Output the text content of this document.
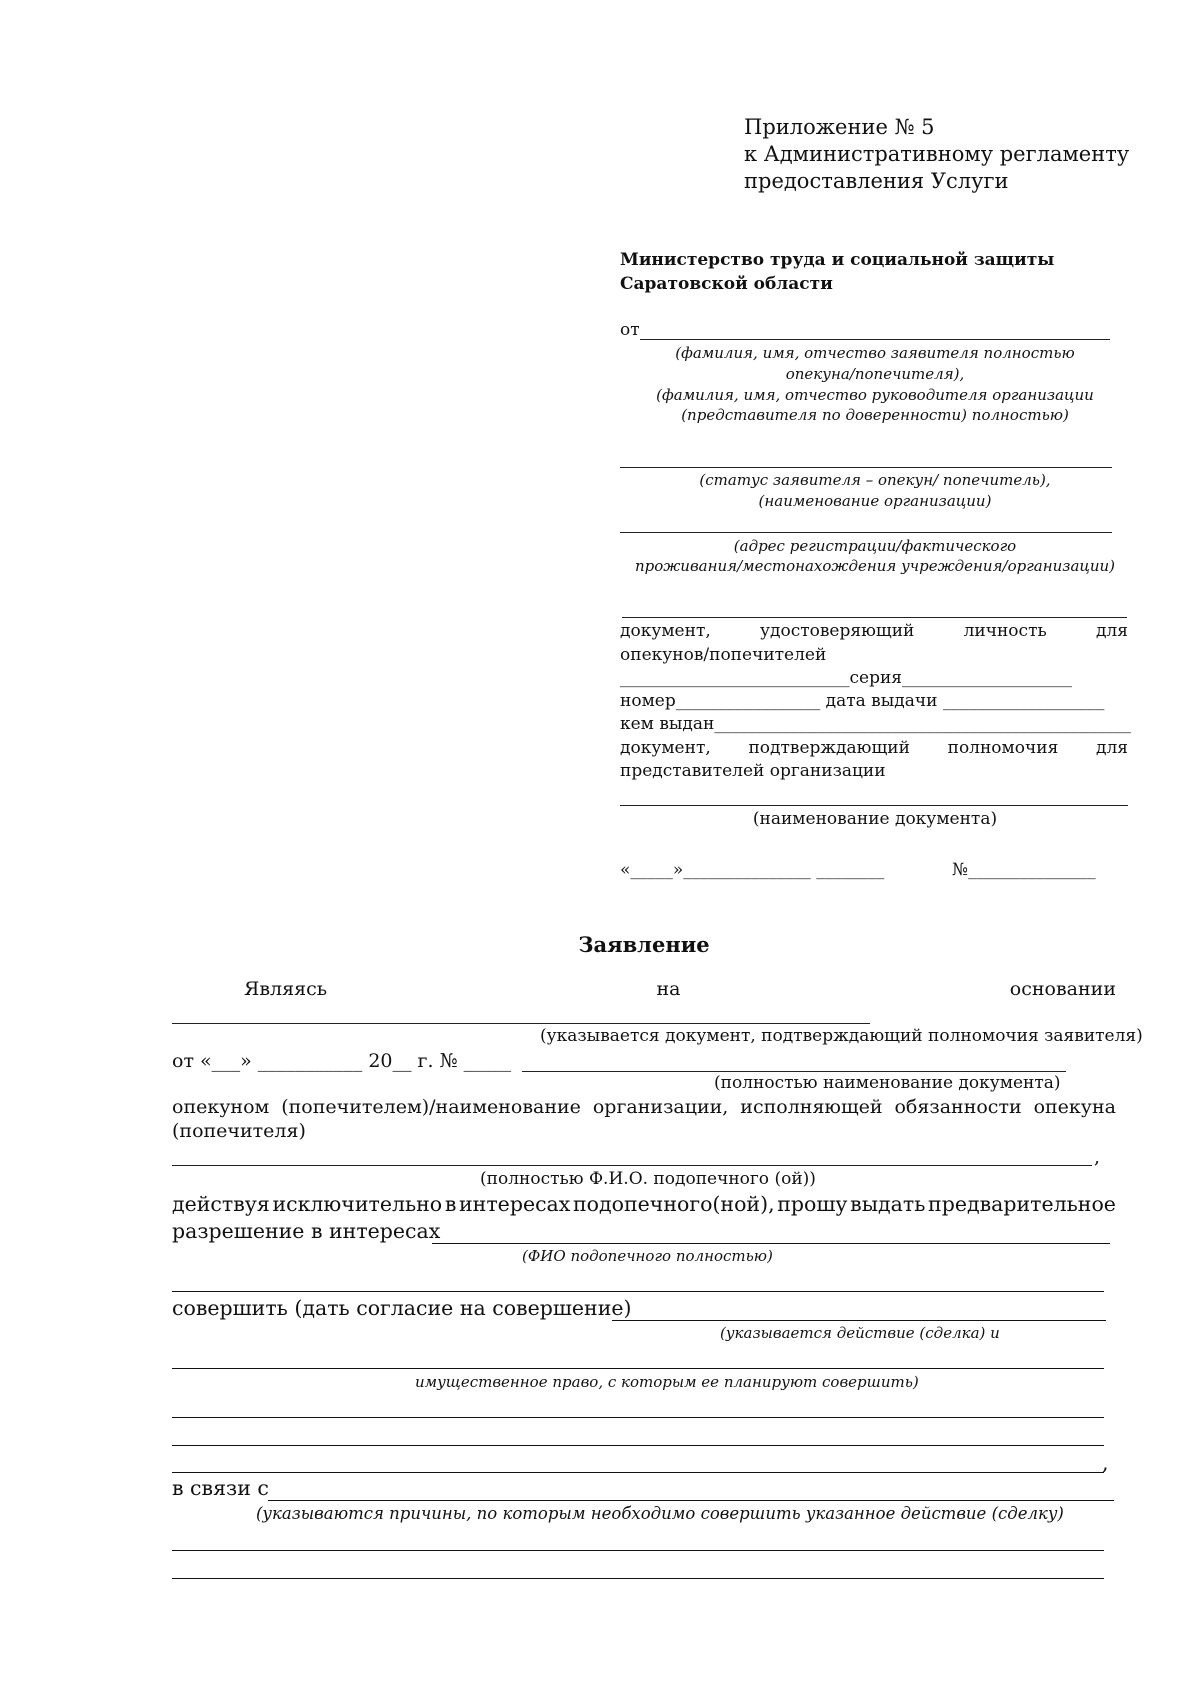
Приложение № 5
к Административному регламенту
предоставления Услуги
Министерство труда и социальной защиты
Саратовской области
от
(фамилия, имя, отчество заявителя полностью
опекуна/попечителя),
(фамилия, имя, отчество руководителя организации
(представителя по доверенности) полностью)
(статус заявителя – опекун/ попечитель),
(наименование организации)
(адрес регистрации/фактического
проживания/местонахождения учреждения/организации)
документ,	удостоверяющий	личность	для
опекунов/попечителей
___________________________серия____________________
номер_________________ дата выдачи ___________________
кем выдан_________________________________________________
документ, подтверждающий полномочия для
представителей организации
(наименование документа)
«_____»_______________ ________	№_______________
Заявление
Являясь	на	основании
(указывается документ, подтверждающий полномочия заявителя)
от «___» ___________ 20__ г. № _____
(полностью наименование документа)
опекуном (попечителем)/наименование организации, исполняющей обязанности опекуна
(попечителя)
,
(полностью Ф.И.О. подопечного (ой))
действуя исключительно в интересах подопечного(ной), прошу выдать предварительное
разрешение в интересах
(ФИО подопечного полностью)
совершить (дать согласие на совершение)
(указывается действие (сделка) и
имущественное право, с которым ее планируют совершить)
,
в связи с
(указываются причины, по которым необходимо совершить указанное действие (сделку)
